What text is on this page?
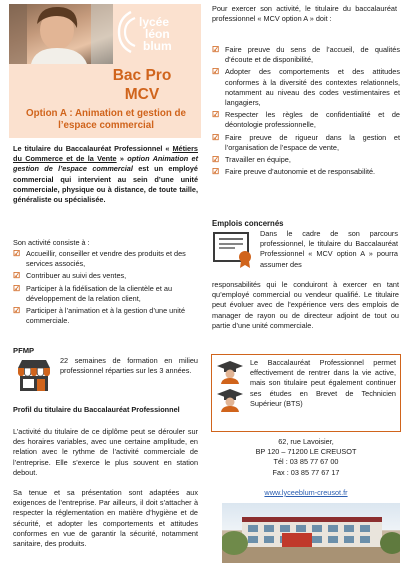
lycée
léon
blum
Bac Pro
MCV
Option A : Animation et gestion de l’espace commercial
Le titulaire du Baccalauréat Professionnel « Métiers du Commerce et de la Vente » option Animation et gestion de l’espace commercial est un employé commercial qui intervient au sein d’une unité commerciale, physique ou à distance, de toute taille, généraliste ou spécialisée.
Son activité consiste à :
☑ Accueillir, conseiller et vendre des produits et des services associés,
☑ Contribuer au suivi des ventes,
☑ Participer à la fidélisation de la clientèle et au développement de la relation client,
☑ Participer à l’animation et à la gestion d’une unité commerciale.
PFMP
22 semaines de formation en milieu professionnel réparties sur les 3 années.
Profil du titulaire du Baccalauréat Professionnel
L’activité du titulaire de ce diplôme peut se dérouler sur des horaires variables, avec une certaine amplitude, en relation avec le rythme de l’activité commerciale de l’entreprise. Elle s’exerce le plus souvent en station debout.
Sa tenue et sa présentation sont adaptées aux exigences de l’entreprise. Par ailleurs, il doit s’attacher à respecter la réglementation en matière d’hygiène et de sécurité, et adopter les comportements et attitudes conformes en vue de garantir la sécurité, notamment sanitaire, des produits.
Pour exercer son activité, le titulaire du baccalauréat professionnel « MCV option A » doit :
☑ Faire preuve du sens de l’accueil, de qualités d’écoute et de disponibilité,
☑ Adopter des comportements et des attitudes conformes à la diversité des contextes relationnels, notamment au niveau des codes vestimentaires et langagiers,
☑ Respecter les règles de confidentialité et de déontologie professionnelle,
☑ Faire preuve de rigueur dans la gestion et l’organisation de l’espace de vente,
☑ Travailler en équipe,
☑ Faire preuve d’autonomie et de responsabilité.
Emplois concernés
Dans le cadre de son parcours professionnel, le titulaire du Baccalauréat Professionnel « MCV option A » pourra assumer des
responsabilités qui le conduiront à exercer en tant qu’employé commercial ou vendeur qualifié. Le titulaire peut évoluer avec de l’expérience vers des emplois de manager de rayon ou de directeur adjoint de tout ou partie d’une unité commerciale.
Le Baccalauréat Professionnel permet effectivement de rentrer dans la vie active, mais son titulaire peut également continuer ses études en Brevet de Technicien Supérieur (BTS)
62, rue Lavoisier,
BP 120 – 71200 LE CREUSOT
Tél : 03 85 77 67 00
Fax : 03 85 77 67 17
www.lyceeblum-creusot.fr
